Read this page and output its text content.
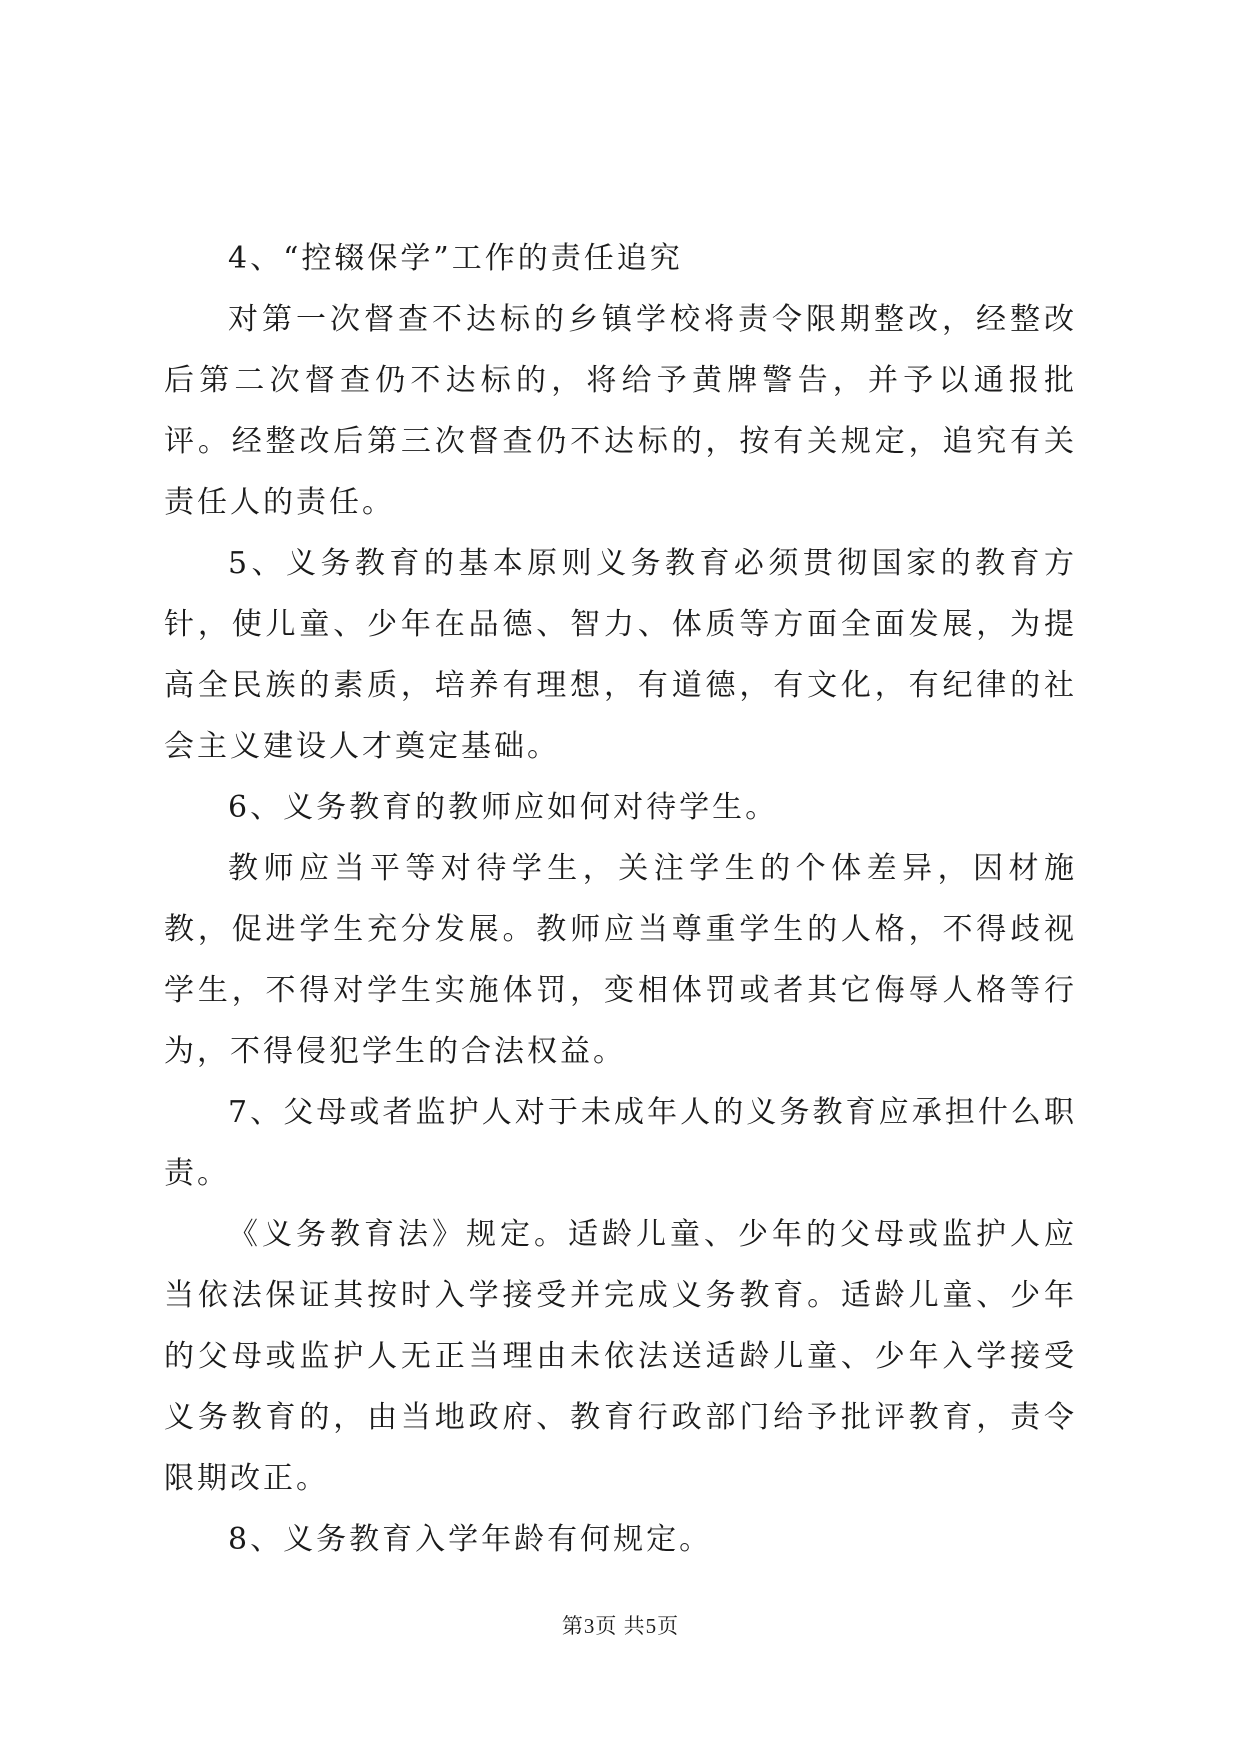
4、“控辍保学”工作的责任追究

对第一次督查不达标的乡镇学校将责令限期整改，经整改后第二次督查仍不达标的，将给予黄牌警告，并予以通报批评。经整改后第三次督查仍不达标的，按有关规定，追究有关责任人的责任。

5、义务教育的基本原则义务教育必须贯彻国家的教育方针，使儿童、少年在品德、智力、体质等方面全面发展，为提高全民族的素质，培养有理想，有道德，有文化，有纪律的社会主义建设人才奠定基础。

6、义务教育的教师应如何对待学生。

教师应当平等对待学生，关注学生的个体差异，因材施教，促进学生充分发展。教师应当尊重学生的人格，不得歧视学生，不得对学生实施体罚，变相体罚或者其它侮辱人格等行为，不得侵犯学生的合法权益。

7、父母或者监护人对于未成年人的义务教育应承担什么职责。

《义务教育法》规定。适龄儿童、少年的父母或监护人应当依法保证其按时入学接受并完成义务教育。适龄儿童、少年的父母或监护人无正当理由未依法送适龄儿童、少年入学接受义务教育的，由当地政府、教育行政部门给予批评教育，责令限期改正。

8、义务教育入学年龄有何规定。

第3页 共5页
